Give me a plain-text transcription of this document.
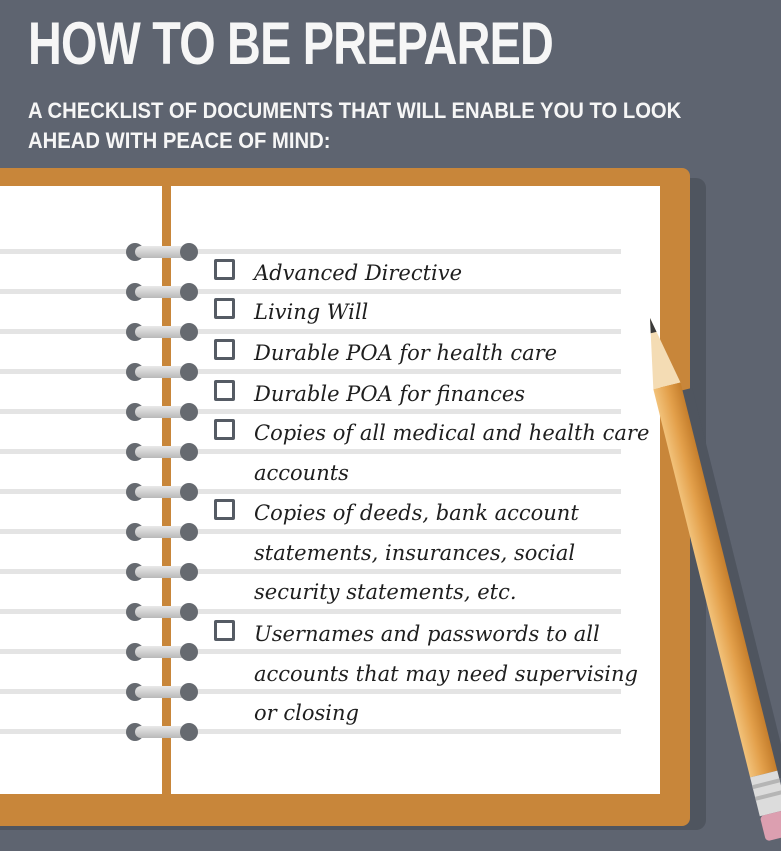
HOW TO BE PREPARED
A CHECKLIST OF DOCUMENTS THAT WILL ENABLE YOU TO LOOK AHEAD WITH PEACE OF MIND:
Advanced Directive
Living Will
Durable POA for health care
Durable POA for finances
Copies of all medical and health care accounts
Copies of deeds, bank account statements, insurances, social security statements, etc.
Usernames and passwords to all accounts that may need supervising or closing
